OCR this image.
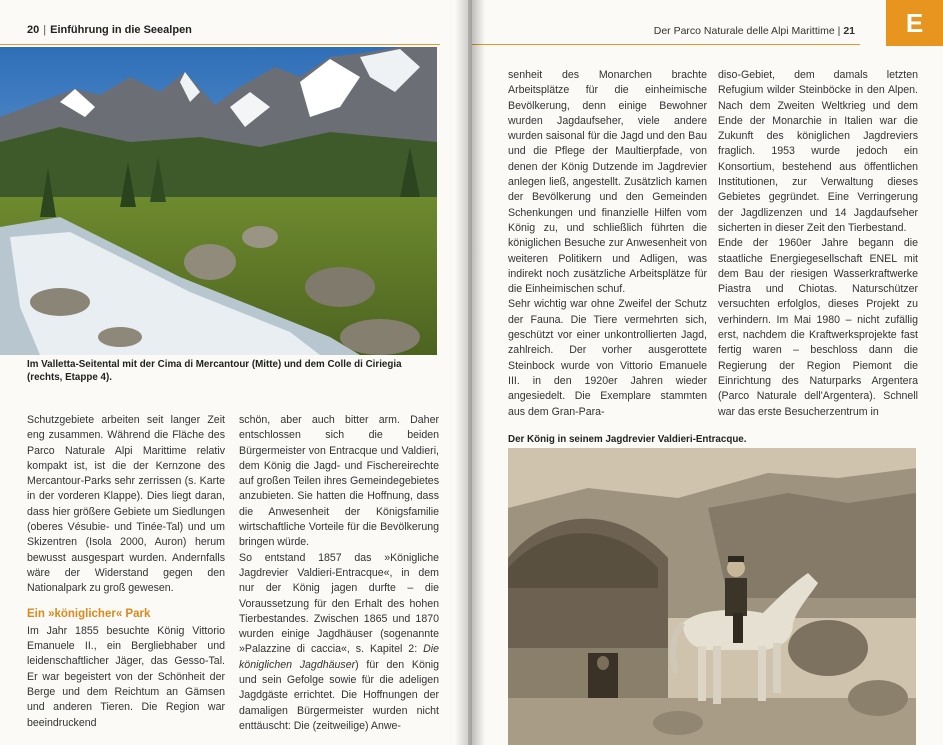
20 | Einführung in die Seealpen
Im Valletta-Seitental mit der Cima di Mercantour (Mitte) und dem Colle di Ciriegia (rechts, Etappe 4).

Schutzgebiete arbeiten seit langer Zeit eng zusammen. Während die Fläche des Parco Naturale Alpi Marittime relativ kompakt ist, ist die der Kernzone des Mercantour-Parks sehr zerrissen (s. Karte in der vorderen Klappe). Dies liegt daran, dass hier größere Gebiete um Siedlungen (oberes Vésubie- und Tinée-Tal) und um Skizentren (Isola 2000, Auron) herum bewusst ausgespart wurden. Andernfalls wäre der Widerstand gegen den Nationalpark zu groß gewesen.

Ein »königlicher« Park

Im Jahr 1855 besuchte König Vittorio Emanuele II., ein Bergliebhaber und leidenschaftlicher Jäger, das Gesso-Tal. Er war begeistert von der Schönheit der Berge und dem Reichtum an Gämsen und anderen Tieren. Die Region war beeindruckend

schön, aber auch bitter arm. Daher entschlossen sich die beiden Bürgermeister von Entracque und Valdieri, dem König die Jagd- und Fischereirechte auf großen Teilen ihres Gemeindegebietes anzubieten. Sie hatten die Hoffnung, dass die Anwesenheit der Königsfamilie wirtschaftliche Vorteile für die Bevölkerung bringen würde.

So entstand 1857 das »Königliche Jagdrevier Valdieri-Entracque«, in dem nur der König jagen durfte – die Voraussetzung für den Erhalt des hohen Tierbestandes. Zwischen 1865 und 1870 wurden einige Jagdhäuser (sogenannte »Palazzine di caccia«, s. Kapitel 2: Die königlichen Jagdhäuser) für den König und sein Gefolge sowie für die adeligen Jagdgäste errichtet. Die Hoffnungen der damaligen Bürgermeister wurden nicht enttäuscht: Die (zeitweilige) Anwe-

Der Parco Naturale delle Alpi Marittime | 21	E

senheit des Monarchen brachte Arbeitsplätze für die einheimische Bevölkerung, denn einige Bewohner wurden Jagdaufseher, viele andere wurden saisonal für die Jagd und den Bau und die Pflege der Maultierpfade, von denen der König Dutzende im Jagdrevier anlegen ließ, angestellt. Zusätzlich kamen der Bevölkerung und den Gemeinden Schenkungen und finanzielle Hilfen vom König zu, und schließlich führten die königlichen Besuche zur Anwesenheit von weiteren Politikern und Adligen, was indirekt noch zusätzliche Arbeitsplätze für die Einheimischen schuf.

Sehr wichtig war ohne Zweifel der Schutz der Fauna. Die Tiere vermehrten sich, geschützt vor einer unkontrollierten Jagd, zahlreich. Der vorher ausgerottete Steinbock wurde von Vittorio Emanuele III. in den 1920er Jahren wieder angesiedelt. Die Exemplare stammten aus dem Gran-Para-

diso-Gebiet, dem damals letzten Refugium wilder Steinböcke in den Alpen. Nach dem Zweiten Weltkrieg und dem Ende der Monarchie in Italien war die Zukunft des königlichen Jagdreviers fraglich. 1953 wurde jedoch ein Konsortium, bestehend aus öffentlichen Institutionen, zur Verwaltung dieses Gebietes gegründet. Eine Verringerung der Jagdlizenzen und 14 Jagdaufseher sicherten in dieser Zeit den Tierbestand.

Ende der 1960er Jahre begann die staatliche Energiegesellschaft ENEL mit dem Bau der riesigen Wasserkraftwerke Piastra und Chiotas. Naturschützer versuchten erfolglos, dieses Projekt zu verhindern. Im Mai 1980 – nicht zufällig erst, nachdem die Kraftwerksprojekte fast fertig waren – beschloss dann die Regierung der Region Piemont die Einrichtung des Naturparks Argentera (Parco Naturale dell'Argentera). Schnell war das erste Besucherzentrum in

Der König in seinem Jagdrevier Valdieri-Entracque.
